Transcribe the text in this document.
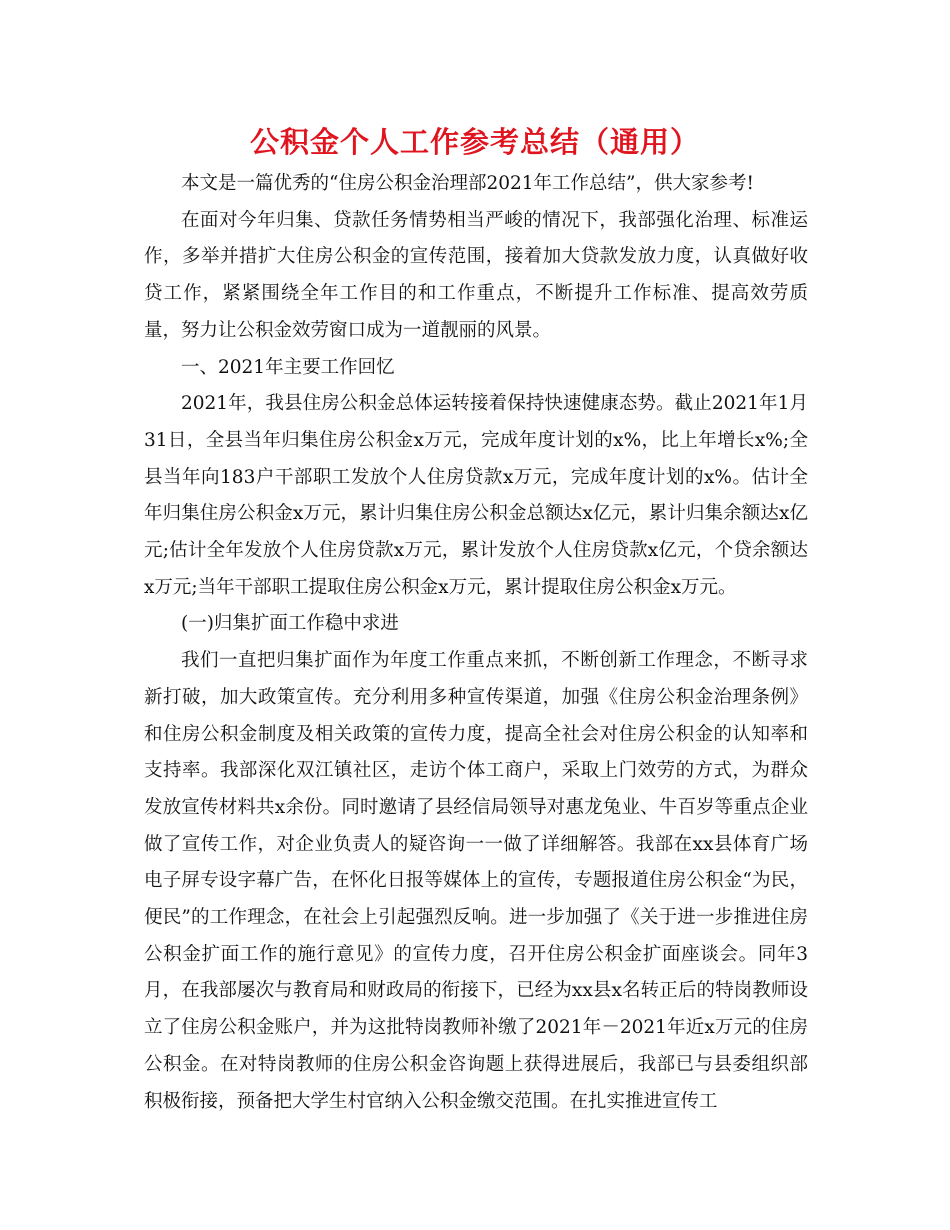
公积金个人工作参考总结（通用）

本文是一篇优秀的“住房公积金治理部2021年工作总结”，供大家参考!

在面对今年归集、贷款任务情势相当严峻的情况下，我部强化治理、标准运作，多举并措扩大住房公积金的宣传范围，接着加大贷款发放力度，认真做好收贷工作，紧紧围绕全年工作目的和工作重点，不断提升工作标准、提高效劳质量，努力让公积金效劳窗口成为一道靓丽的风景。

一、2021年主要工作回忆

2021年，我县住房公积金总体运转接着保持快速健康态势。截止2021年1月31日，全县当年归集住房公积金x万元，完成年度计划的x%，比上年增长x%;全县当年向183户干部职工发放个人住房贷款x万元，完成年度计划的x%。估计全年归集住房公积金x万元，累计归集住房公积金总额达x亿元，累计归集余额达x亿元;估计全年发放个人住房贷款x万元，累计发放个人住房贷款x亿元，个贷余额达x万元;当年干部职工提取住房公积金x万元，累计提取住房公积金x万元。

(一)归集扩面工作稳中求进

我们一直把归集扩面作为年度工作重点来抓，不断创新工作理念，不断寻求新打破，加大政策宣传。充分利用多种宣传渠道，加强《住房公积金治理条例》和住房公积金制度及相关政策的宣传力度，提高全社会对住房公积金的认知率和支持率。我部深化双江镇社区，走访个体工商户，采取上门效劳的方式，为群众发放宣传材料共x余份。同时邀请了县经信局领导对惠龙兔业、牛百岁等重点企业做了宣传工作，对企业负责人的疑咨询一一做了详细解答。我部在xx县体育广场电子屏专设字幕广告，在怀化日报等媒体上的宣传，专题报道住房公积金“为民，便民”的工作理念，在社会上引起强烈反响。进一步加强了《关于进一步推进住房公积金扩面工作的施行意见》的宣传力度，召开住房公积金扩面座谈会。同年3月，在我部屡次与教育局和财政局的衔接下，已经为xx县x名转正后的特岗教师设立了住房公积金账户，并为这批特岗教师补缴了2021年－2021年近x万元的住房公积金。在对特岗教师的住房公积金咨询题上获得进展后，我部已与县委组织部积极衔接，预备把大学生村官纳入公积金缴交范围。在扎实推进宣传工
